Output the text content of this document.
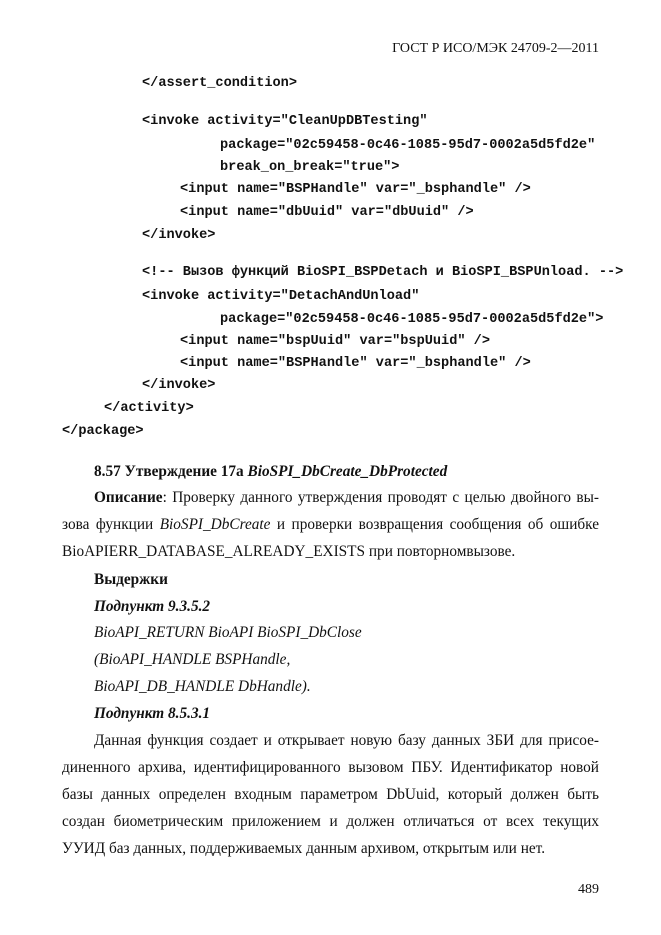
ГОСТ Р ИСО/МЭК 24709-2—2011
</assert_condition>
<invoke activity="CleanUpDBTesting"
package="02c59458-0c46-1085-95d7-0002a5d5fd2e"
break_on_break="true">
<input name="BSPHandle" var="_bsphandle" />
<input name="dbUuid" var="dbUuid" />
</invoke>
<!-- Вызов функций BioSPI_BSPDetach и BioSPI_BSPUnload. -->
<invoke activity="DetachAndUnload"
package="02c59458-0c46-1085-95d7-0002a5d5fd2e">
<input name="bspUuid" var="bspUuid" />
<input name="BSPHandle" var="_bsphandle" />
</invoke>
</activity>
</package>
8.57 Утверждение 17а BioSPI_DbCreate_DbProtected
Описание: Проверку данного утверждения проводят с целью двойного вы-
зова функции BioSPI_DbCreate и проверки возвращения сообщения об ошибке
BioAPIERR_DATABASE_ALREADY_EXISTS при повторномвызове.
Выдержки
Подпункт 9.3.5.2
BioAPI_RETURN BioAPI BioSPI_DbClose
(BioAPI_HANDLE BSPHandle,
BioAPI_DB_HANDLE DbHandle).
Подпункт 8.5.3.1
Данная функция создает и открывает новую базу данных ЗБИ для присое-
диненного архива, идентифицированного вызовом ПБУ. Идентификатор новой
базы данных определен входным параметром DbUuid, который должен быть
создан биометрическим приложением и должен отличаться от всех текущих
УУИД баз данных, поддерживаемых данным архивом, открытым или нет.
489
